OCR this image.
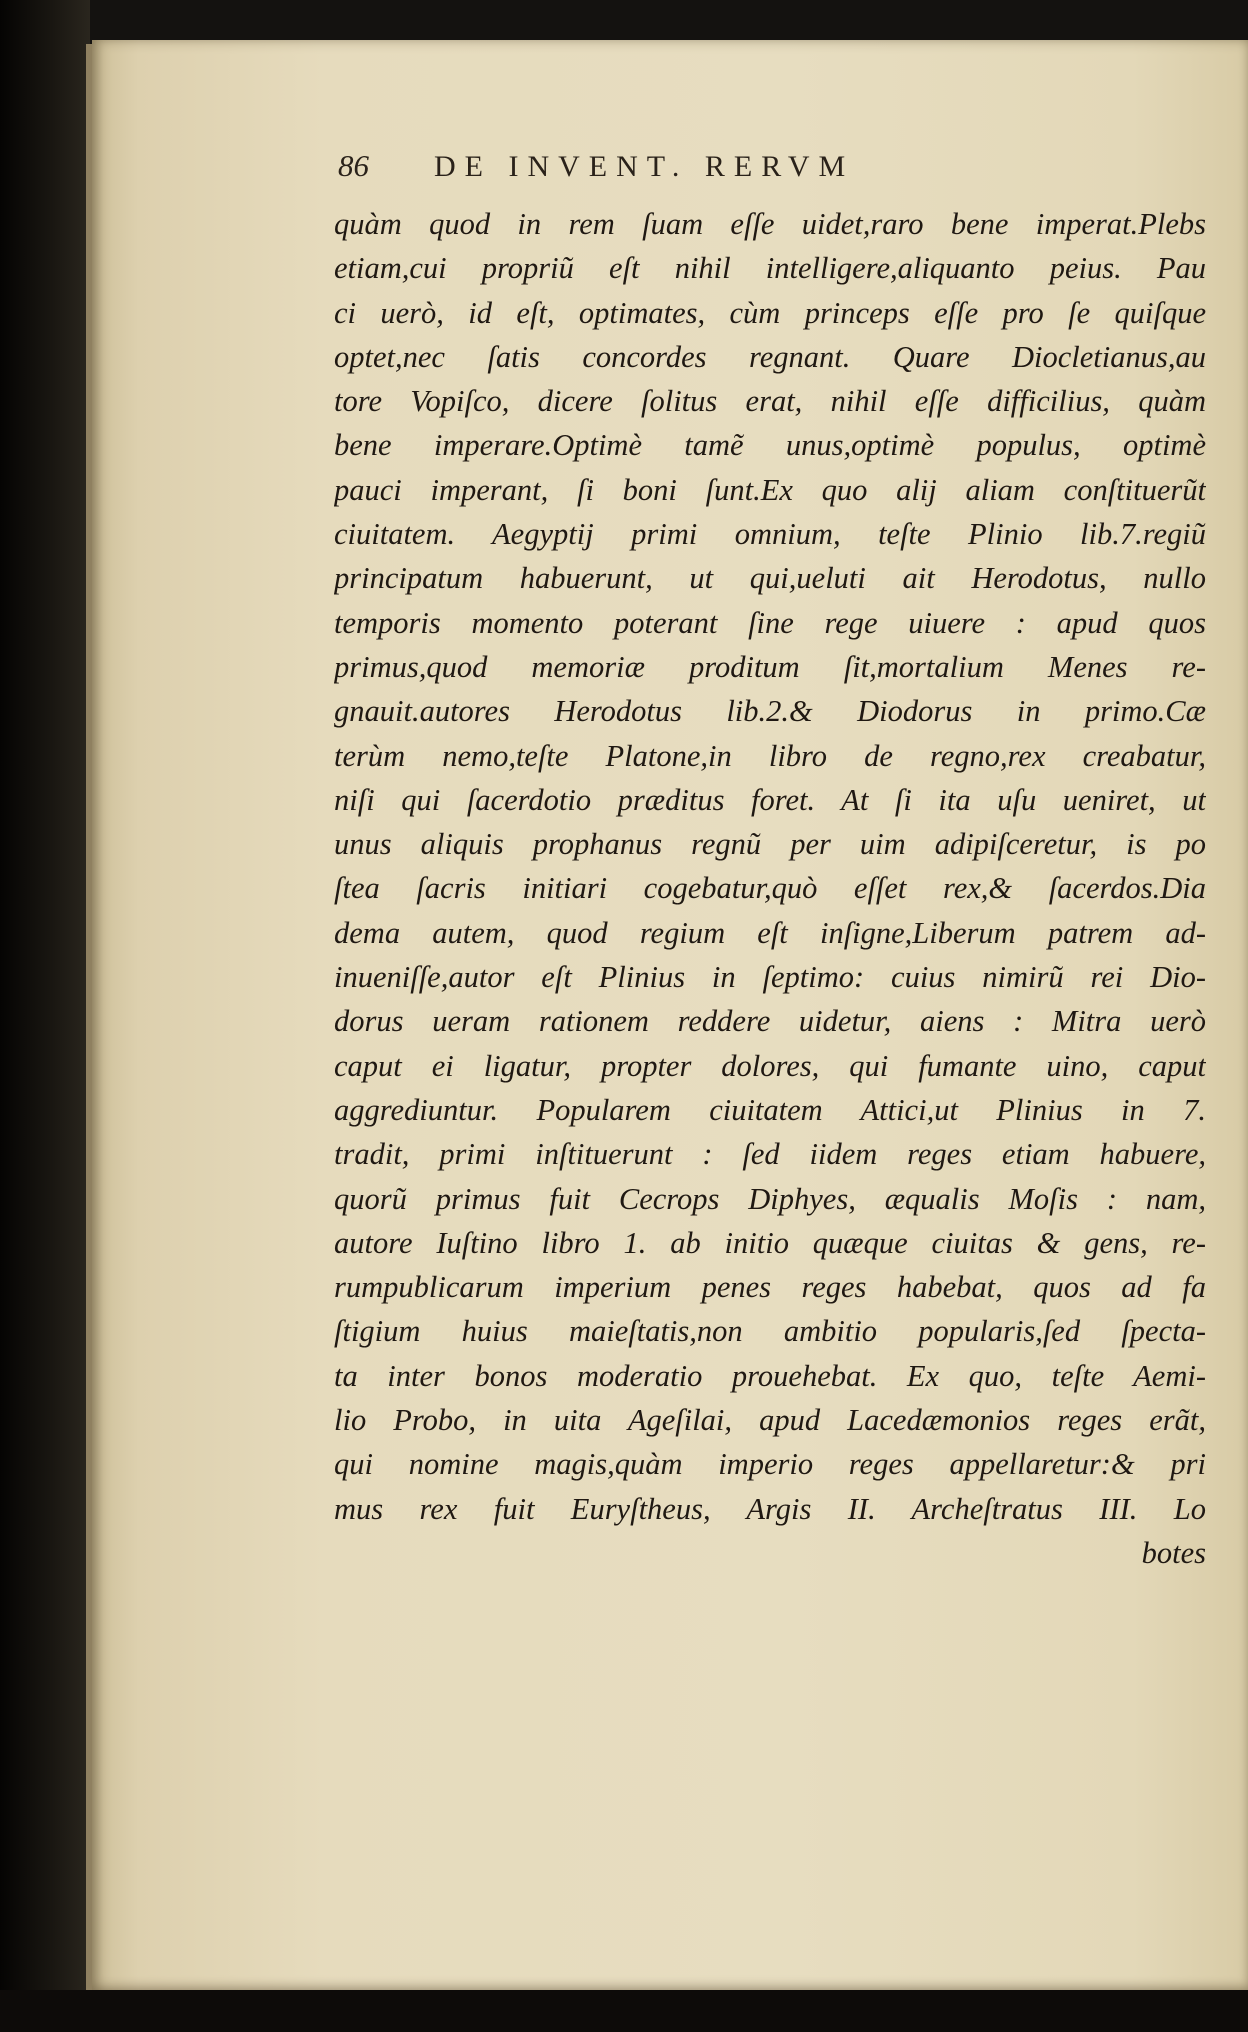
86 DE INVENT. RERVM
quàm quod in rem ſuam eſſe uidet,raro bene imperat.Plebs
etiam,cui propriũ eſt nihil intelligere,aliquanto peius. Pau
ci uerò, id eſt, optimates, cùm princeps eſſe pro ſe quiſque
optet,nec ſatis concordes regnant. Quare Diocletianus,au
tore Vopiſco, dicere ſolitus erat, nihil eſſe difficilius, quàm
bene imperare.Optimè tamẽ unus,optimè populus, optimè
pauci imperant, ſi boni ſunt.Ex quo alij aliam conſtituerũt
ciuitatem. Aegyptij primi omnium, teſte Plinio lib.7.regiũ
principatum habuerunt, ut qui,ueluti ait Herodotus, nullo
temporis momento poterant ſine rege uiuere : apud quos
primus,quod memoriæ proditum ſit,mortalium Menes re-
gnauit.autores Herodotus lib.2.& Diodorus in primo.Cæ
terùm nemo,teſte Platone,in libro de regno,rex creabatur,
niſi qui ſacerdotio præditus foret. At ſi ita uſu ueniret, ut
unus aliquis prophanus regnũ per uim adipiſceretur, is po
ſtea ſacris initiari cogebatur,quò eſſet rex,& ſacerdos.Dia
dema autem, quod regium eſt inſigne,Liberum patrem ad-
inueniſſe,autor eſt Plinius in ſeptimo: cuius nimirũ rei Dio-
dorus ueram rationem reddere uidetur, aiens : Mitra uerò
caput ei ligatur, propter dolores, qui fumante uino, caput
aggrediuntur. Popularem ciuitatem Attici,ut Plinius in 7.
tradit, primi inſtituerunt : ſed iidem reges etiam habuere,
quorũ primus fuit Cecrops Diphyes, æqualis Moſis : nam,
autore Iuſtino libro 1. ab initio quæque ciuitas & gens, re-
rumpublicarum imperium penes reges habebat, quos ad fa
ſtigium huius maieſtatis,non ambitio popularis,ſed ſpecta-
ta inter bonos moderatio prouehebat. Ex quo, teſte Aemi-
lio Probo, in uita Ageſilai, apud Lacedæmonios reges erãt,
qui nomine magis,quàm imperio reges appellaretur:& pri
mus rex fuit Euryſtheus, Argis II. Archeſtratus III. Lo
botes
